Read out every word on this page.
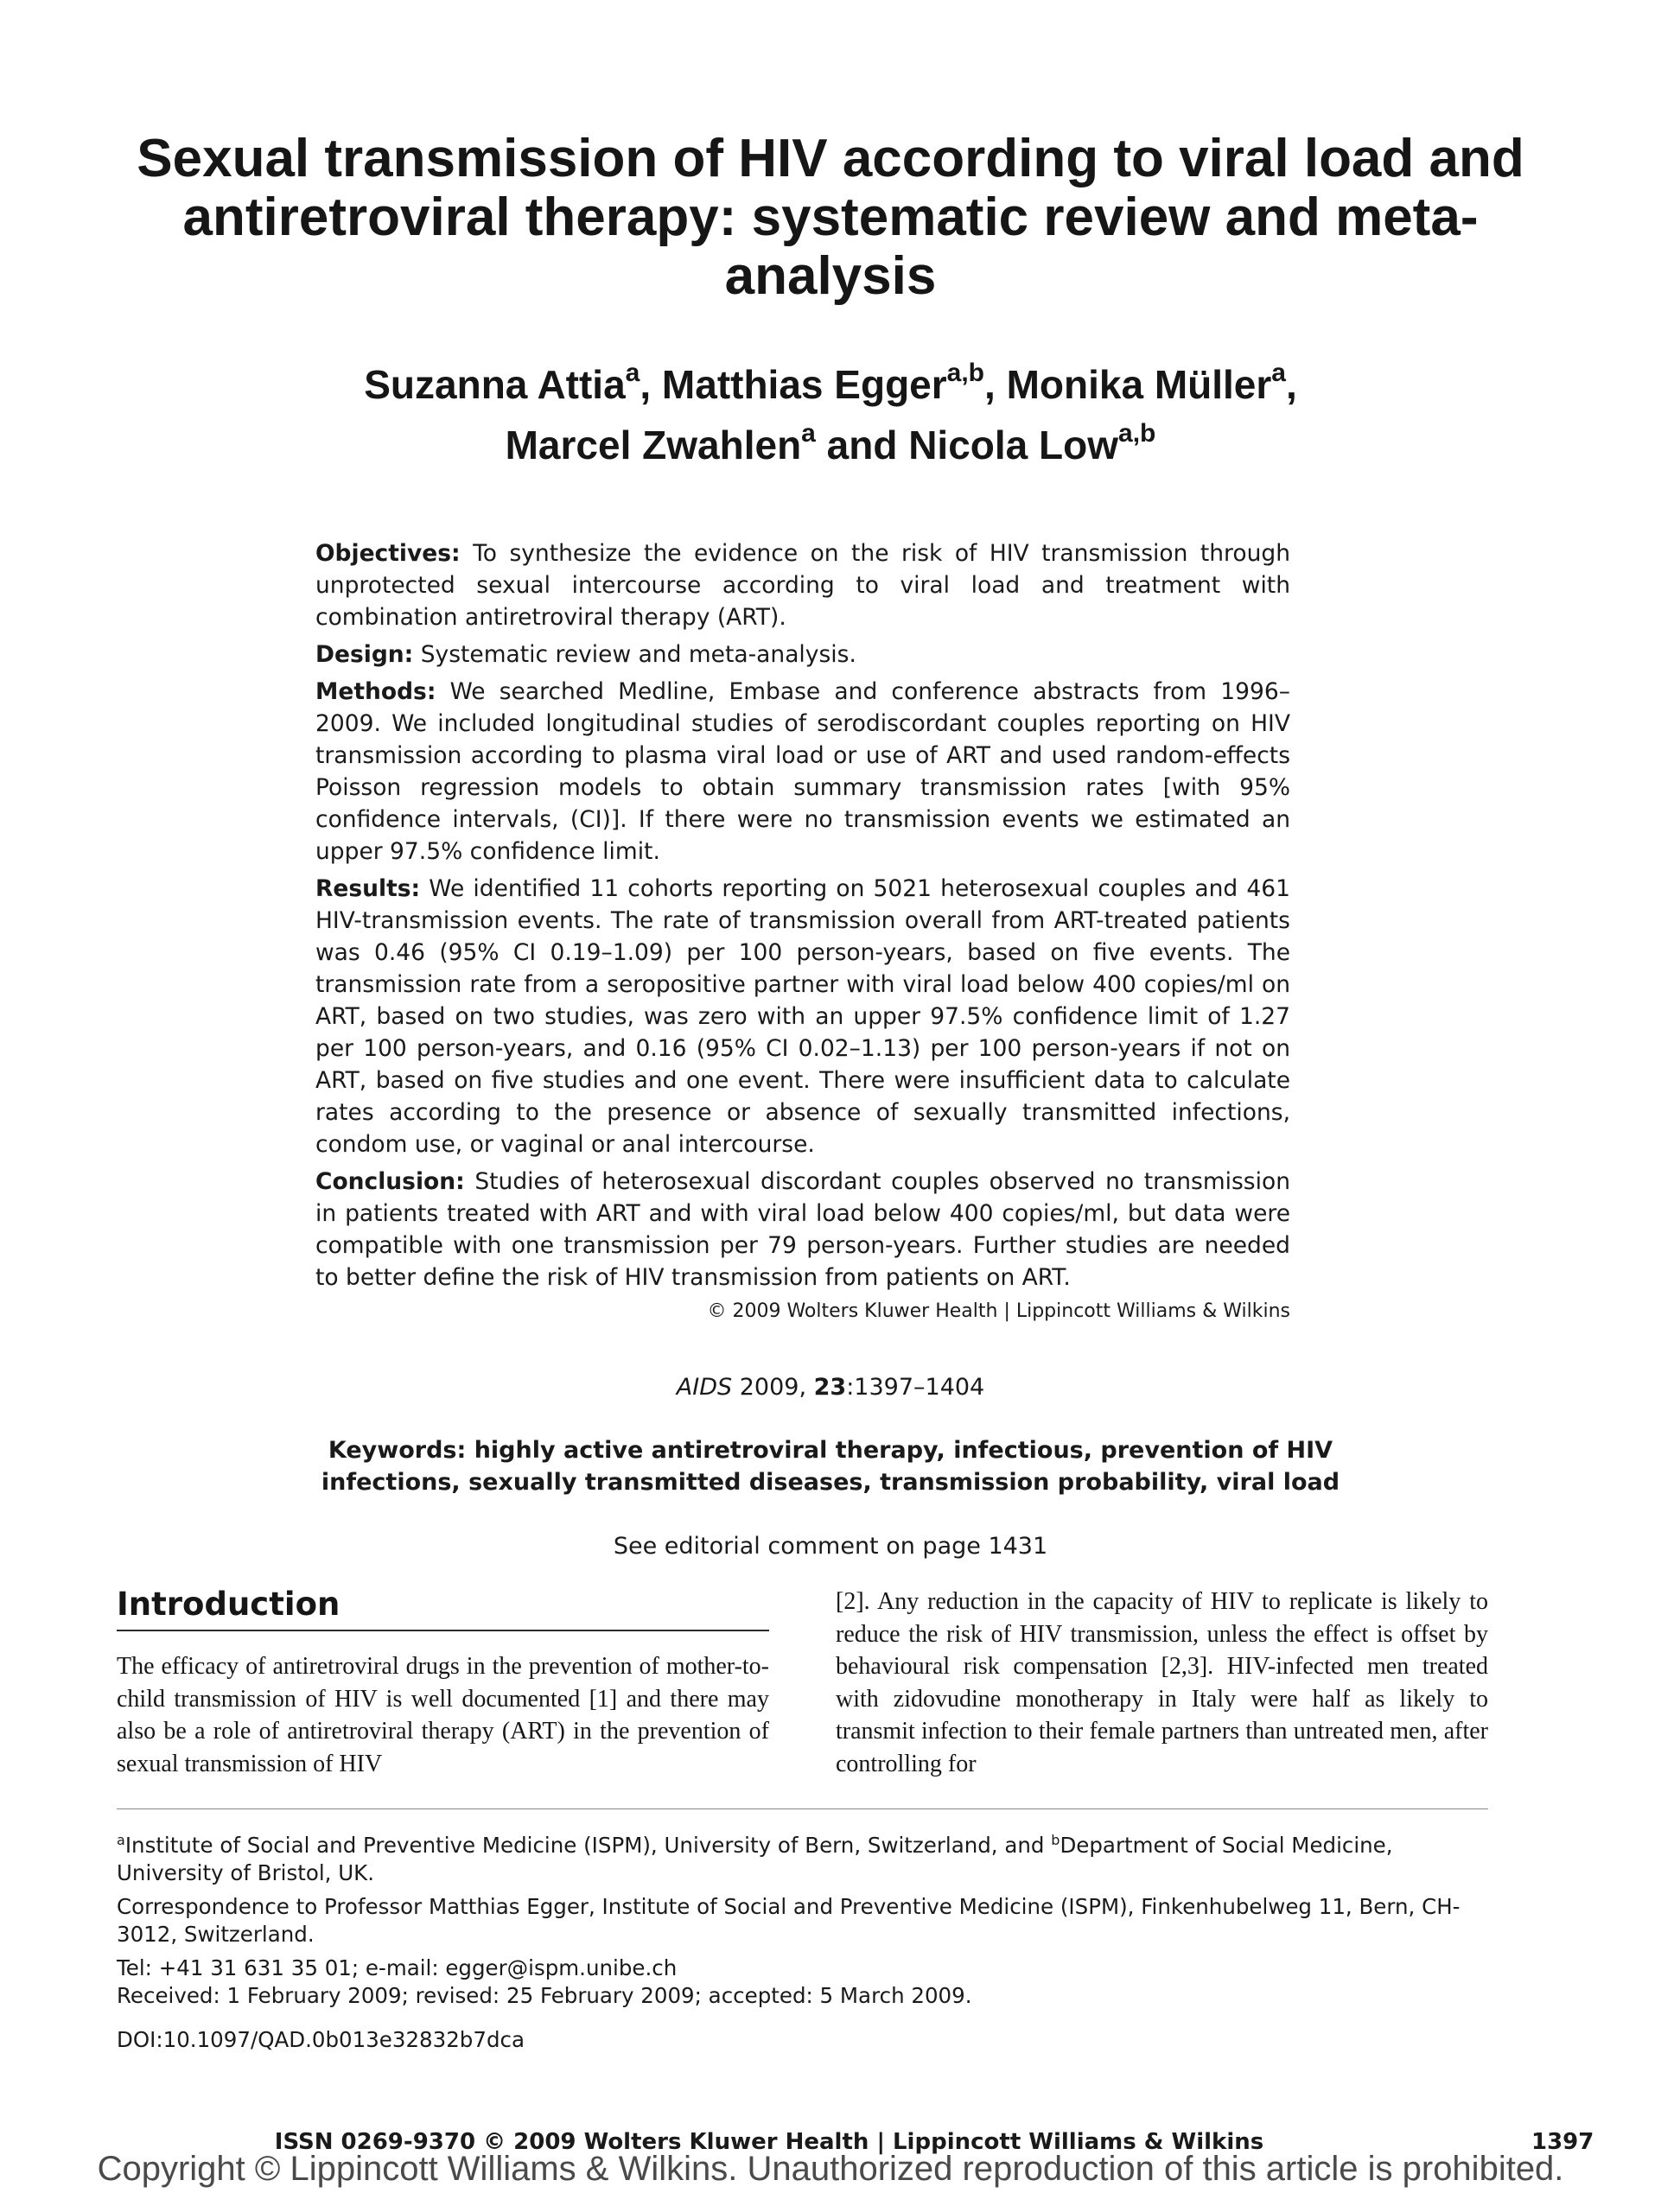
Sexual transmission of HIV according to viral load and antiretroviral therapy: systematic review and meta-analysis
Suzanna Attia$^a$, Matthias Egger$^{a,b}$, Monika Müller$^a$,
Marcel Zwahlen$^a$ and Nicola Low$^{a,b}$

Objectives: To synthesize the evidence on the risk of HIV transmission through unprotected sexual intercourse according to viral load and treatment with combination antiretroviral therapy (ART).

Design: Systematic review and meta-analysis.

Methods: We searched Medline, Embase and conference abstracts from 1996–2009. We included longitudinal studies of serodiscordant couples reporting on HIV transmission according to plasma viral load or use of ART and used random-effects Poisson regression models to obtain summary transmission rates [with 95% confidence intervals, (CI)]. If there were no transmission events we estimated an upper 97.5% confidence limit.

Results: We identified 11 cohorts reporting on 5021 heterosexual couples and 461 HIV-transmission events. The rate of transmission overall from ART-treated patients was 0.46 (95% CI 0.19–1.09) per 100 person-years, based on five events. The transmission rate from a seropositive partner with viral load below 400 copies/ml on ART, based on two studies, was zero with an upper 97.5% confidence limit of 1.27 per 100 person-years, and 0.16 (95% CI 0.02–1.13) per 100 person-years if not on ART, based on five studies and one event. There were insufficient data to calculate rates according to the presence or absence of sexually transmitted infections, condom use, or vaginal or anal intercourse.

Conclusion: Studies of heterosexual discordant couples observed no transmission in patients treated with ART and with viral load below 400 copies/ml, but data were compatible with one transmission per 79 person-years. Further studies are needed to better define the risk of HIV transmission from patients on ART.

© 2009 Wolters Kluwer Health | Lippincott Williams & Wilkins

AIDS 2009, 23:1397–1404
Keywords: highly active antiretroviral therapy, infectious, prevention of HIV infections, sexually transmitted diseases, transmission probability, viral load
See editorial comment on page 1431
Introduction

The efficacy of antiretroviral drugs in the prevention of mother-to-child transmission of HIV is well documented [1] and there may also be a role of antiretroviral therapy (ART) in the prevention of sexual transmission of HIV

[2]. Any reduction in the capacity of HIV to replicate is likely to reduce the risk of HIV transmission, unless the effect is offset by behavioural risk compensation [2,3]. HIV-infected men treated with zidovudine monotherapy in Italy were half as likely to transmit infection to their female partners than untreated men, after controlling for

$^a$Institute of Social and Preventive Medicine (ISPM), University of Bern, Switzerland, and $^b$Department of Social Medicine, University of Bristol, UK.

Correspondence to Professor Matthias Egger, Institute of Social and Preventive Medicine (ISPM), Finkenhubelweg 11, Bern, CH-3012, Switzerland.

Tel: +41 31 631 35 01; e-mail: egger@ispm.unibe.ch

Received: 1 February 2009; revised: 25 February 2009; accepted: 5 March 2009.

DOI:10.1097/QAD.0b013e32832b7dca

ISSN 0269-9370 © 2009 Wolters Kluwer Health | Lippincott Williams & Wilkins	1397
Copyright © Lippincott Williams & Wilkins. Unauthorized reproduction of this article is prohibited.
